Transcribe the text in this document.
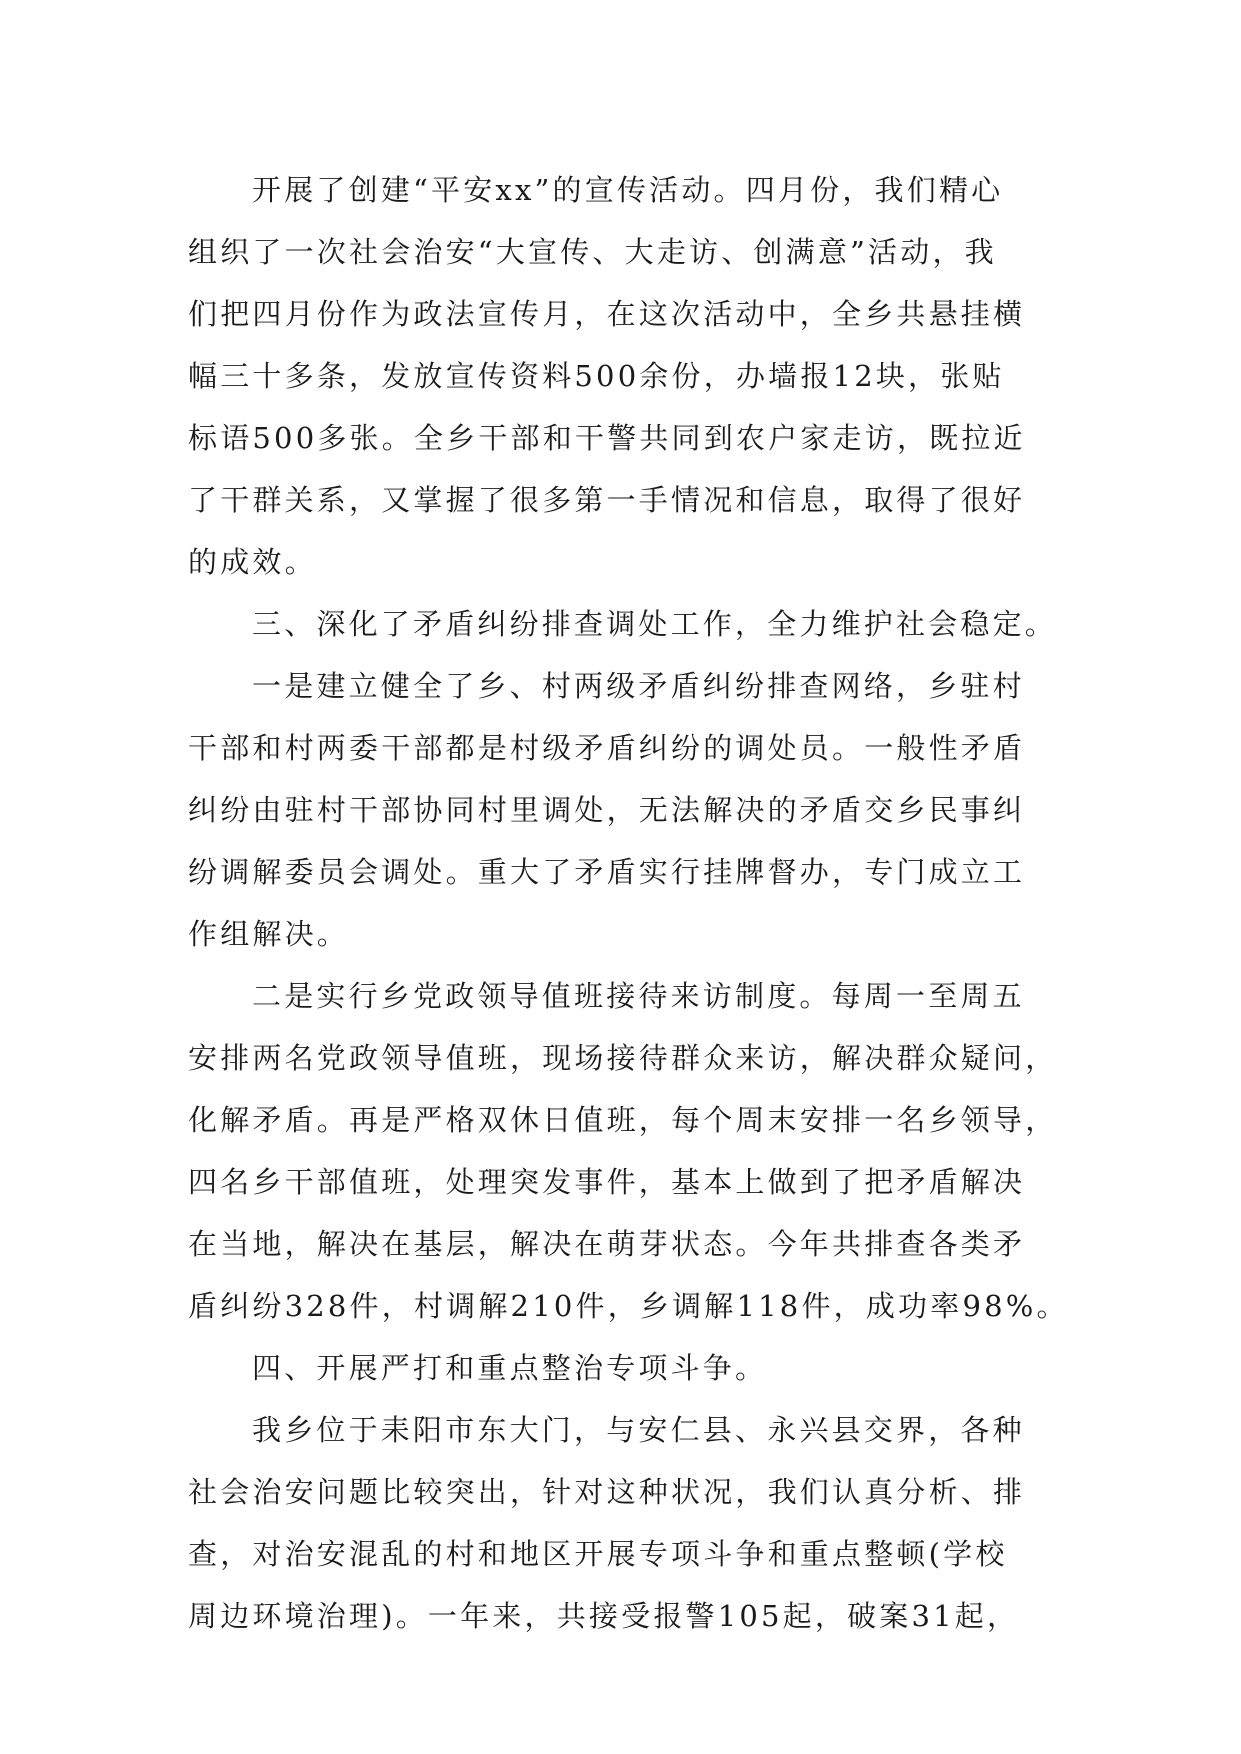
开展了创建“平安xx”的宣传活动。四月份，我们精心
组织了一次社会治安“大宣传、大走访、创满意”活动，我
们把四月份作为政法宣传月，在这次活动中，全乡共悬挂横
幅三十多条，发放宣传资料500余份，办墙报12块，张贴
标语500多张。全乡干部和干警共同到农户家走访，既拉近
了干群关系，又掌握了很多第一手情况和信息，取得了很好
的成效。
三、深化了矛盾纠纷排查调处工作，全力维护社会稳定。
一是建立健全了乡、村两级矛盾纠纷排查网络，乡驻村
干部和村两委干部都是村级矛盾纠纷的调处员。一般性矛盾
纠纷由驻村干部协同村里调处，无法解决的矛盾交乡民事纠
纷调解委员会调处。重大了矛盾实行挂牌督办，专门成立工
作组解决。
二是实行乡党政领导值班接待来访制度。每周一至周五
安排两名党政领导值班，现场接待群众来访，解决群众疑问，
化解矛盾。再是严格双休日值班，每个周末安排一名乡领导，
四名乡干部值班，处理突发事件，基本上做到了把矛盾解决
在当地，解决在基层，解决在萌芽状态。今年共排查各类矛
盾纠纷328件，村调解210件，乡调解118件，成功率98%。
四、开展严打和重点整治专项斗争。
我乡位于耒阳市东大门，与安仁县、永兴县交界，各种
社会治安问题比较突出，针对这种状况，我们认真分析、排
查，对治安混乱的村和地区开展专项斗争和重点整顿(学校
周边环境治理)。一年来，共接受报警105起，破案31起，
